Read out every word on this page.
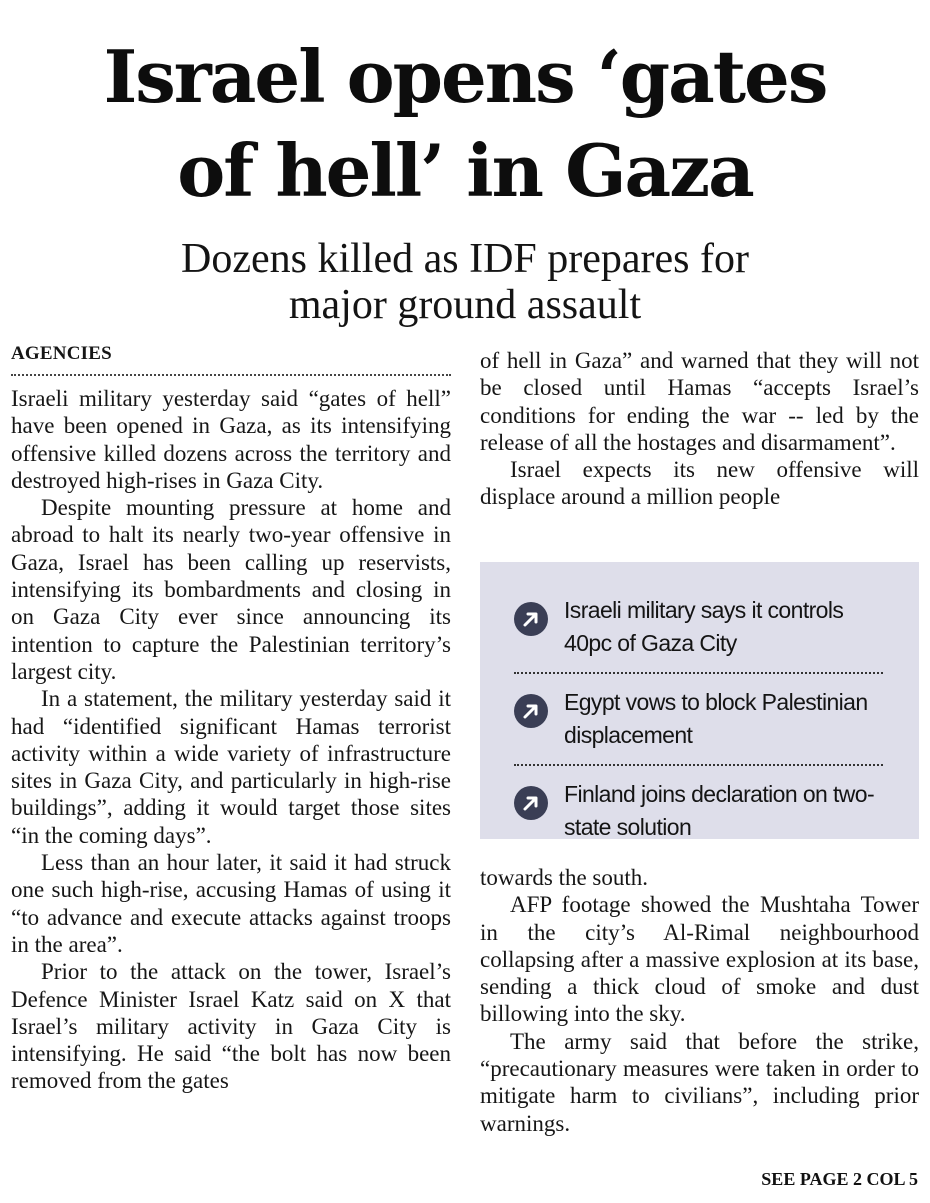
Israel opens ‘gates
of hell’ in Gaza
Dozens killed as IDF prepares for
major ground assault
AGENCIES

Israeli military yesterday said “gates of hell” have been opened in Gaza, as its intensifying offensive killed dozens across the territory and destroyed high-rises in Gaza City.

Despite mounting pressure at home and abroad to halt its nearly two-year offensive in Gaza, Israel has been calling up reservists, intensifying its bombardments and closing in on Gaza City ever since announcing its intention to capture the Palestinian territory’s largest city.

In a statement, the military yesterday said it had “identified significant Hamas terrorist activity within a wide variety of infrastructure sites in Gaza City, and particularly in high-rise buildings”, adding it would target those sites “in the coming days”.

Less than an hour later, it said it had struck one such high-rise, accusing Hamas of using it “to advance and execute attacks against troops in the area”.

Prior to the attack on the tower, Israel’s Defence Minister Israel Katz said on X that Israel’s military activity in Gaza City is intensifying. He said “the bolt has now been removed from the gates

of hell in Gaza” and warned that they will not be closed until Hamas “accepts Israel’s conditions for ending the war -- led by the release of all the hostages and disarmament”.

Israel expects its new offensive will displace around a million people

Israeli military says it controls 40pc of Gaza City
Egypt vows to block Palestinian displacement
Finland joins declaration on two-state solution

towards the south.

AFP footage showed the Mushtaha Tower in the city’s Al-Rimal neighbourhood collapsing after a massive explosion at its base, sending a thick cloud of smoke and dust billowing into the sky.

The army said that before the strike, “precautionary measures were taken in order to mitigate harm to civilians”, including prior warnings.

SEE PAGE 2 COL 5
